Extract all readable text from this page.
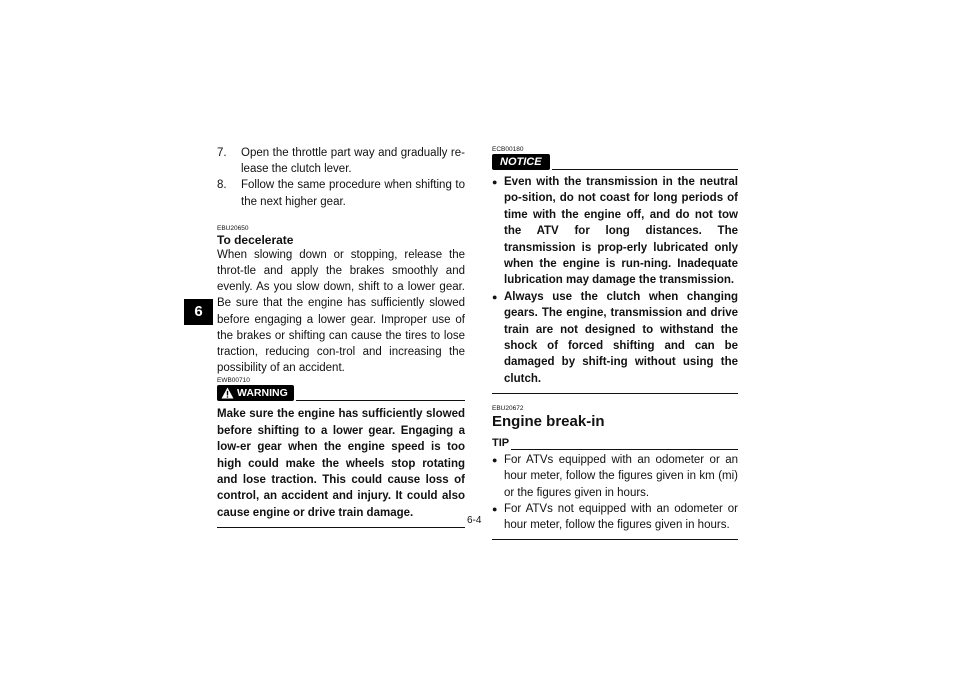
6
7.	Open the throttle part way and gradually re-lease the clutch lever.
8.	Follow the same procedure when shifting to the next higher gear.
EBU20650
To decelerate
When slowing down or stopping, release the throt-tle and apply the brakes smoothly and evenly. As you slow down, shift to a lower gear. Be sure that the engine has sufficiently slowed before engaging a lower gear. Improper use of the brakes or shifting can cause the tires to lose traction, reducing con-trol and increasing the possibility of an accident.
EWB00710
WARNING
Make sure the engine has sufficiently slowed before shifting to a lower gear. Engaging a low-er gear when the engine speed is too high could make the wheels stop rotating and lose traction. This could cause loss of control, an accident and injury. It could also cause engine or drive train damage.
ECB00180
NOTICE
● Even with the transmission in the neutral po-sition, do not coast for long periods of time with the engine off, and do not tow the ATV for long distances. The transmission is prop-erly lubricated only when the engine is run-ning. Inadequate lubrication may damage the transmission.
● Always use the clutch when changing gears. The engine, transmission and drive train are not designed to withstand the shock of forced shifting and can be damaged by shift-ing without using the clutch.
EBU20672
Engine break-in
TIP
● For ATVs equipped with an odometer or an hour meter, follow the figures given in km (mi) or the figures given in hours.
● For ATVs not equipped with an odometer or hour meter, follow the figures given in hours.
6-4
